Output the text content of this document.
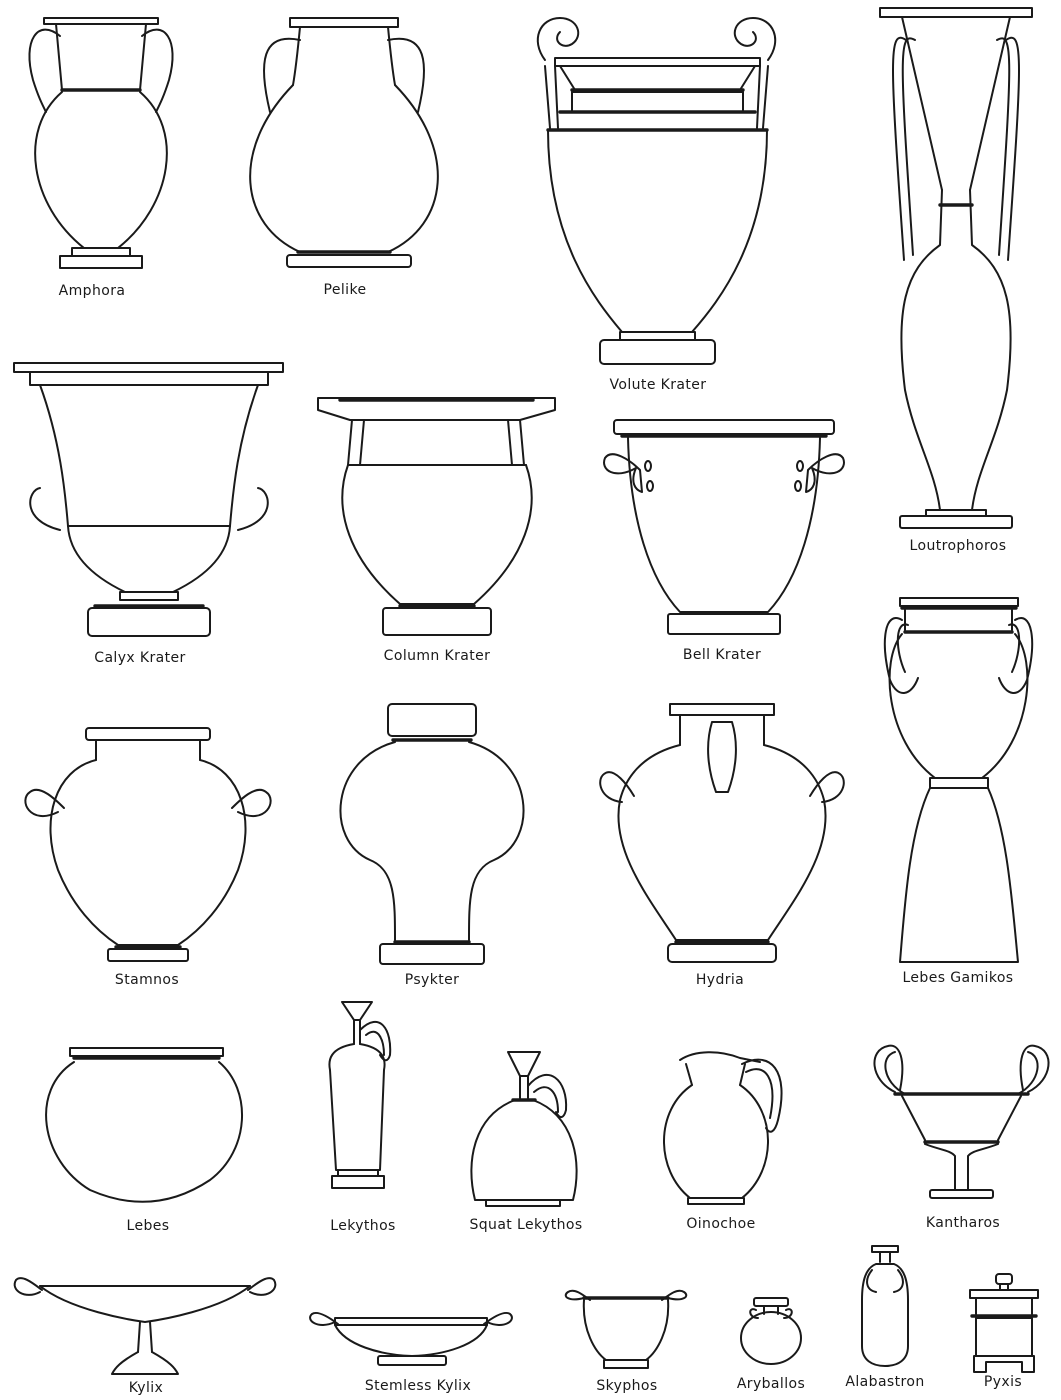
Amphora	Pelike
Volute Krater
Loutrophoros
Calyx Krater	Column Krater	Bell Krater
Lebes Gamikos
Stamnos	Psykter	Hydria
Lebes	Lekythos	Squat Lekythos	Oinochoe	Kantharos
Kylix	Stemless Kylix	Skyphos	Aryballos	Alabastron	Pyxis
